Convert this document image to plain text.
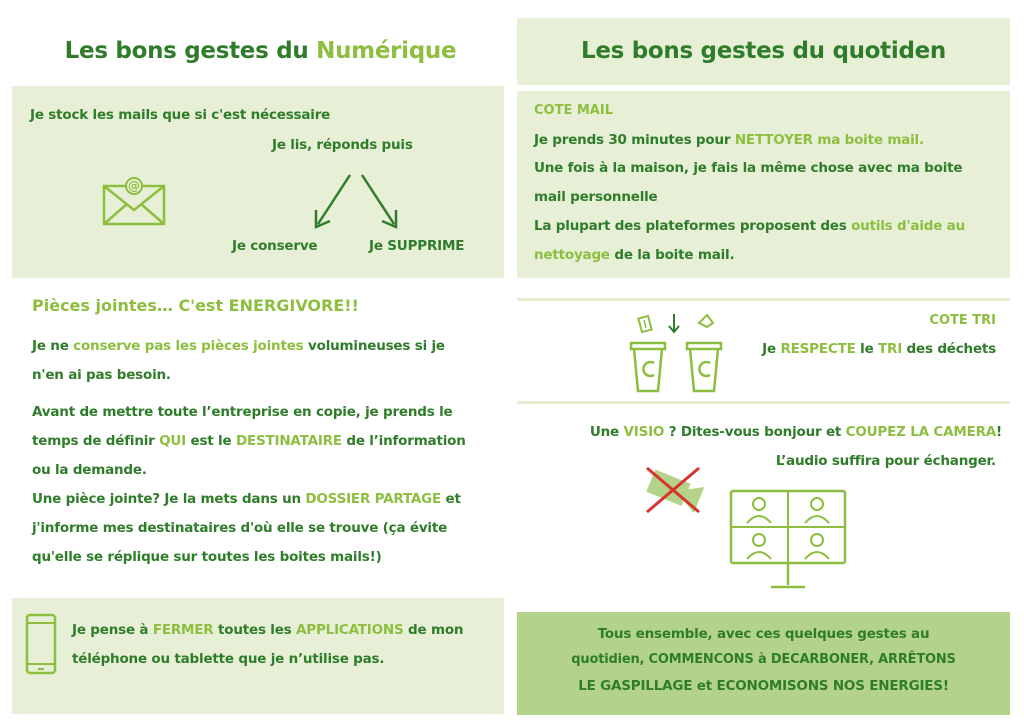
Les bons gestes du Numérique
Je stock les mails que si c'est nécessaire
Je lis, réponds puis
@
Je conserve	Je SUPPRIME
Pièces jointes… C'est ENERGIVORE!!
Je ne conserve pas les pièces jointes volumineuses si je
n'en ai pas besoin.
Avant de mettre toute l’entreprise en copie, je prends le
temps de définir QUI est le DESTINATAIRE de l’information
ou la demande.
Une pièce jointe? Je la mets dans un DOSSIER PARTAGE et
j'informe mes destinataires d'où elle se trouve (ça évite
qu'elle se réplique sur toutes les boites mails!)
Je pense à FERMER toutes les APPLICATIONS de mon
téléphone ou tablette que je n’utilise pas.
Les bons gestes du quotiden
COTE MAIL
Je prends 30 minutes pour NETTOYER ma boite mail.
Une fois à la maison, je fais la même chose avec ma boite
mail personnelle
La plupart des plateformes proposent des outils d'aide au
nettoyage de la boite mail.
COTE TRI
Je RESPECTE le TRI des déchets
Une VISIO ? Dites-vous bonjour et COUPEZ LA CAMERA!
L’audio suffira pour échanger.
Tous ensemble, avec ces quelques gestes au
quotidien, COMMENCONS à DECARBONER, ARRÊTONS
LE GASPILLAGE et ECONOMISONS NOS ENERGIES!
